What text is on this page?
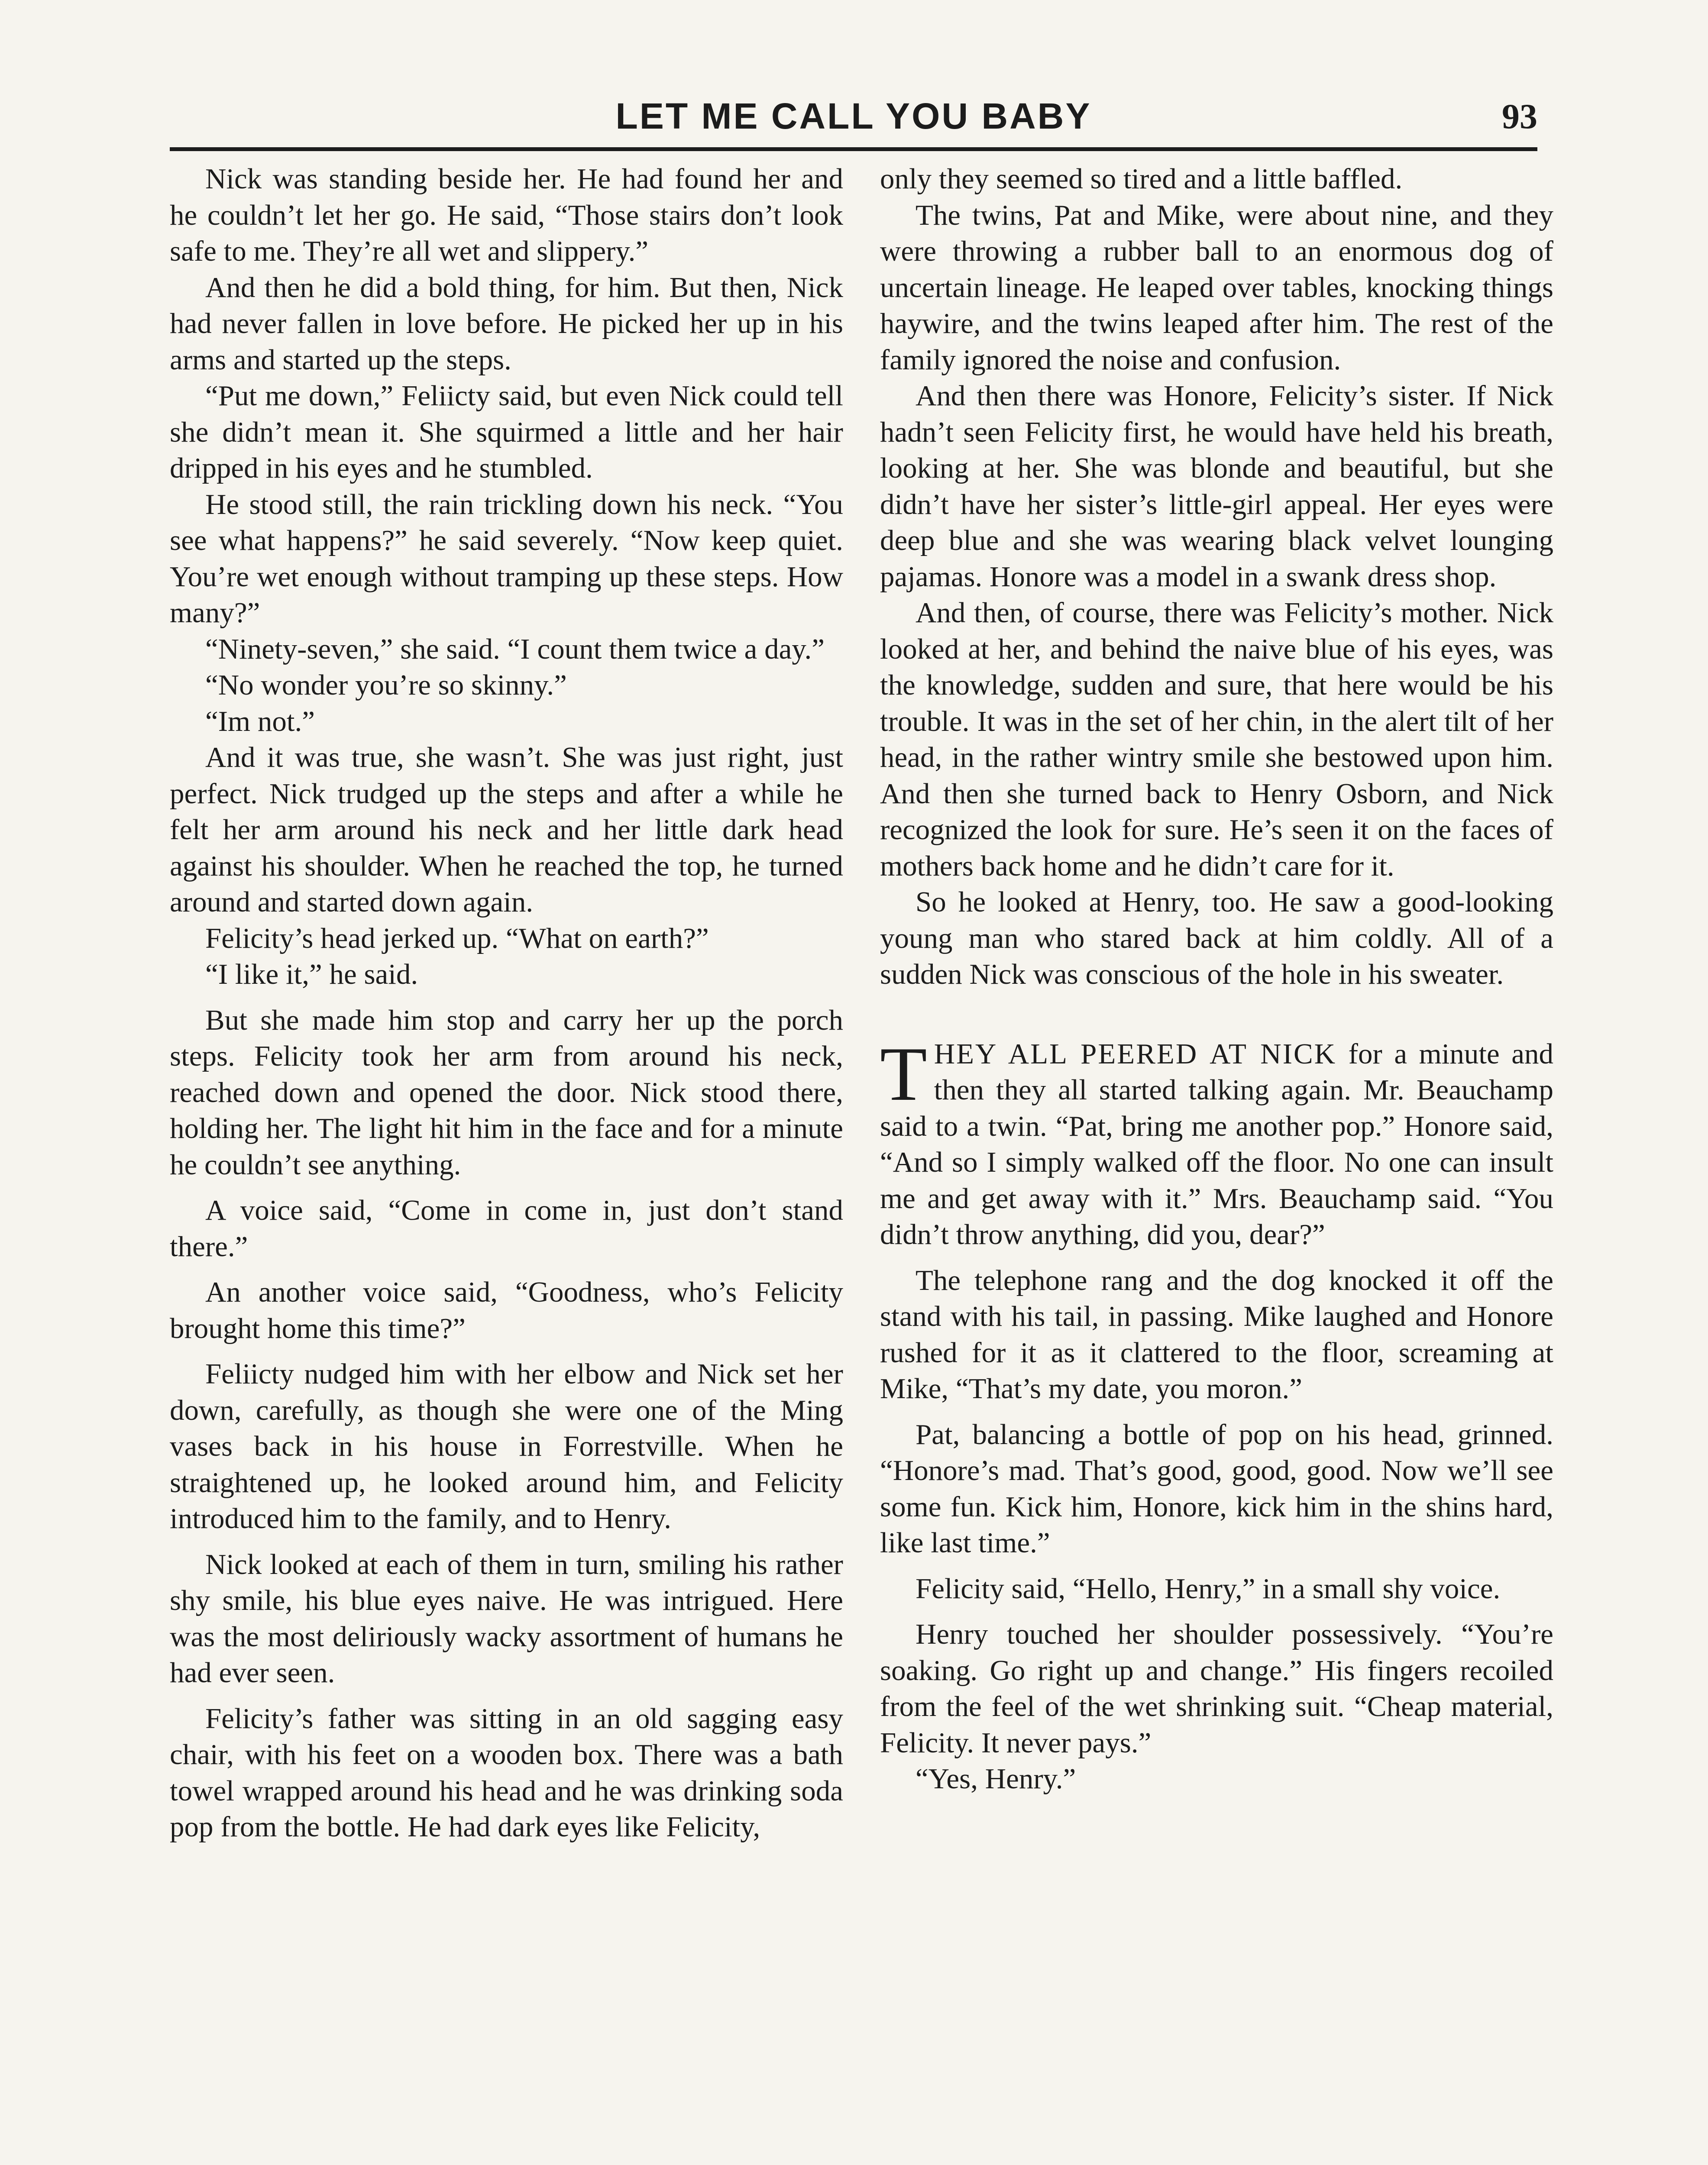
LET ME CALL YOU BABY	93

Nick was standing beside her. He had found her and he couldn’t let her go. He said, “Those stairs don’t look safe to me. They’re all wet and slippery.”

And then he did a bold thing, for him. But then, Nick had never fallen in love before. He picked her up in his arms and started up the steps.

“Put me down,” Feliicty said, but even Nick could tell she didn’t mean it. She squirmed a little and her hair dripped in his eyes and he stumbled.

He stood still, the rain trickling down his neck. “You see what happens?” he said severely. “Now keep quiet. You’re wet enough without tramping up these steps. How many?”

“Ninety-seven,” she said. “I count them twice a day.”

“No wonder you’re so skinny.”

“Im not.”

And it was true, she wasn’t. She was just right, just perfect. Nick trudged up the steps and after a while he felt her arm around his neck and her little dark head against his shoulder. When he reached the top, he turned around and started down again.

Felicity’s head jerked up. “What on earth?”

“I like it,” he said.

But she made him stop and carry her up the porch steps. Felicity took her arm from around his neck, reached down and opened the door. Nick stood there, holding her. The light hit him in the face and for a minute he couldn’t see anything.

A voice said, “Come in come in, just don’t stand there.”

An another voice said, “Goodness, who’s Felicity brought home this time?”

Feliicty nudged him with her elbow and Nick set her down, carefully, as though she were one of the Ming vases back in his house in Forrestville. When he straightened up, he looked around him, and Felicity introduced him to the family, and to Henry.

Nick looked at each of them in turn, smiling his rather shy smile, his blue eyes naive. He was intrigued. Here was the most deliriously wacky assortment of humans he had ever seen.

Felicity’s father was sitting in an old sagging easy chair, with his feet on a wooden box. There was a bath towel wrapped around his head and he was drinking soda pop from the bottle. He had dark eyes like Felicity,

only they seemed so tired and a little baffled.

The twins, Pat and Mike, were about nine, and they were throwing a rubber ball to an enormous dog of uncertain lineage. He leaped over tables, knocking things haywire, and the twins leaped after him. The rest of the family ignored the noise and confusion.

And then there was Honore, Felicity’s sister. If Nick hadn’t seen Felicity first, he would have held his breath, looking at her. She was blonde and beautiful, but she didn’t have her sister’s little-girl appeal. Her eyes were deep blue and she was wearing black velvet lounging pajamas. Honore was a model in a swank dress shop.

And then, of course, there was Felicity’s mother. Nick looked at her, and behind the naive blue of his eyes, was the knowledge, sudden and sure, that here would be his trouble. It was in the set of her chin, in the alert tilt of her head, in the rather wintry smile she bestowed upon him. And then she turned back to Henry Osborn, and Nick recognized the look for sure. He’s seen it on the faces of mothers back home and he didn’t care for it.

So he looked at Henry, too. He saw a good-looking young man who stared back at him coldly. All of a sudden Nick was conscious of the hole in his sweater.

THEY ALL PEERED AT NICK for a minute and then they all started talking again. Mr. Beauchamp said to a twin. “Pat, bring me another pop.” Honore said, “And so I simply walked off the floor. No one can insult me and get away with it.” Mrs. Beauchamp said. “You didn’t throw anything, did you, dear?”

The telephone rang and the dog knocked it off the stand with his tail, in passing. Mike laughed and Honore rushed for it as it clattered to the floor, screaming at Mike, “That’s my date, you moron.”

Pat, balancing a bottle of pop on his head, grinned. “Honore’s mad. That’s good, good, good. Now we’ll see some fun. Kick him, Honore, kick him in the shins hard, like last time.”

Felicity said, “Hello, Henry,” in a small shy voice.

Henry touched her shoulder possessively. “You’re soaking. Go right up and change.” His fingers recoiled from the feel of the wet shrinking suit. “Cheap material, Felicity. It never pays.”

“Yes, Henry.”
